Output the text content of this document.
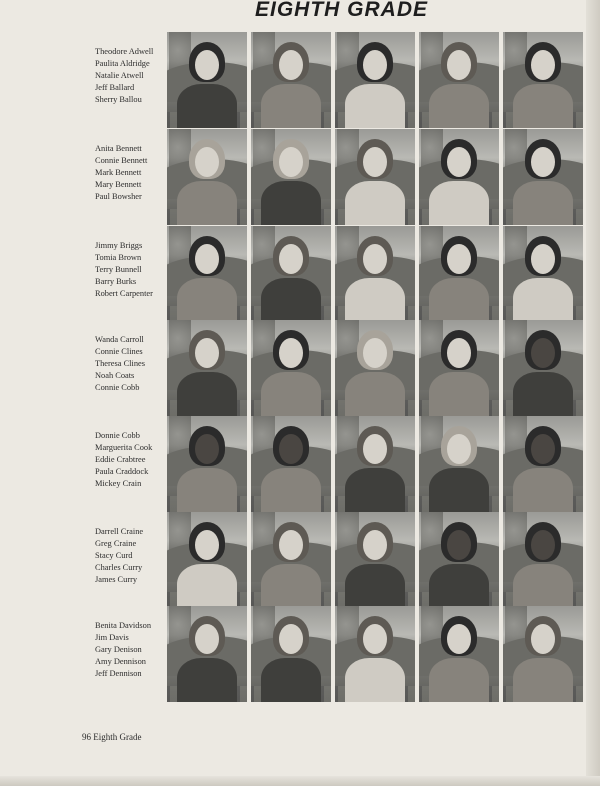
EIGHTH GRADE
Theodore Adwell
Paulita Aldridge
Natalie Atwell
Jeff Ballard
Sherry Ballou
Anita Bennett
Connie Bennett
Mark Bennett
Mary Bennett
Paul Bowsher
Jimmy Briggs
Tomia Brown
Terry Bunnell
Barry Burks
Robert Carpenter
Wanda Carroll
Connie Clines
Theresa Clines
Noah Coats
Connie Cobb
Donnie Cobb
Marguerita Cook
Eddie Crabtree
Paula Craddock
Mickey Crain
Darrell Craine
Greg Craine
Stacy Curd
Charles Curry
James Curry
Benita Davidson
Jim Davis
Gary Denison
Amy Dennison
Jeff Dennison
96 Eighth Grade
